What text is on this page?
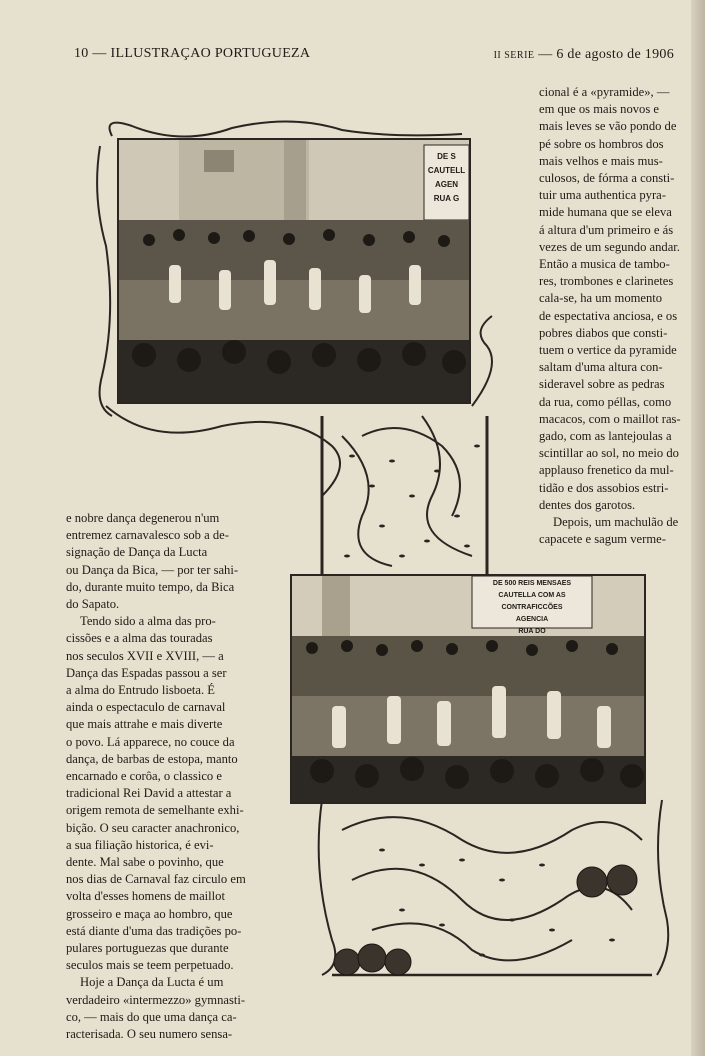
10 — ILLUSTRAÇAO PORTUGUEZA	II SERIE — 6 de agosto de 1906

cional é a «pyramide», —

em que os mais novos e

mais leves se vão pondo de

pé sobre os hombros dos

mais velhos e mais mus-

culosos, de fórma a consti-

tuir uma authentica pyra-

mide humana que se eleva

á altura d'um primeiro e ás

vezes de um segundo andar.

Então a musica de tambo-

res, trombones e clarinetes

cala-se, ha um momento

de espectativa anciosa, e os

pobres diabos que consti-

tuem o vertice da pyramide

saltam d'uma altura con-

sideravel sobre as pedras

da rua, como péllas, como

macacos, com o maillot ras-

gado, com as lantejoulas a

scintillar ao sol, no meio do

applauso frenetico da mul-

tidão e dos assobios estri-

dentes dos garotos.

Depois, um machulão de

capacete e sagum verme-

e nobre dança degenerou n'um

entremez carnavalesco sob a de-

signação de Dança da Lucta

ou Dança da Bica, — por ter sahi-

do, durante muito tempo, da Bica

do Sapato.

Tendo sido a alma das pro-

cissões e a alma das touradas

nos seculos XVII e XVIII, — a

Dança das Espadas passou a ser

a alma do Entrudo lisboeta. É

ainda o espectaculo de carnaval

que mais attrahe e mais diverte

o povo. Lá apparece, no couce da

dança, de barbas de estopa, manto

encarnado e corôa, o classico e

tradicional Rei David a attestar a

origem remota de semelhante exhi-

bição. O seu caracter anachronico,

a sua filiação historica, é evi-

dente. Mal sabe o povinho, que

nos dias de Carnaval faz circulo em

volta d'esses homens de maillot

grosseiro e maça ao hombro, que

está diante d'uma das tradições po-

pulares portuguezas que durante

seculos mais se teem perpetuado.

Hoje a Dança da Lucta é um

verdadeiro «intermezzo» gymnasti-

co, — mais do que uma dança ca-

racterisada. O seu numero sensa-

DE S
CAUTELL
AGEN
RUA G
DE 500 REIS MENSAES
CAUTELLA COM AS CONTRAFICCÕES
AGENCIA
RUA DO
